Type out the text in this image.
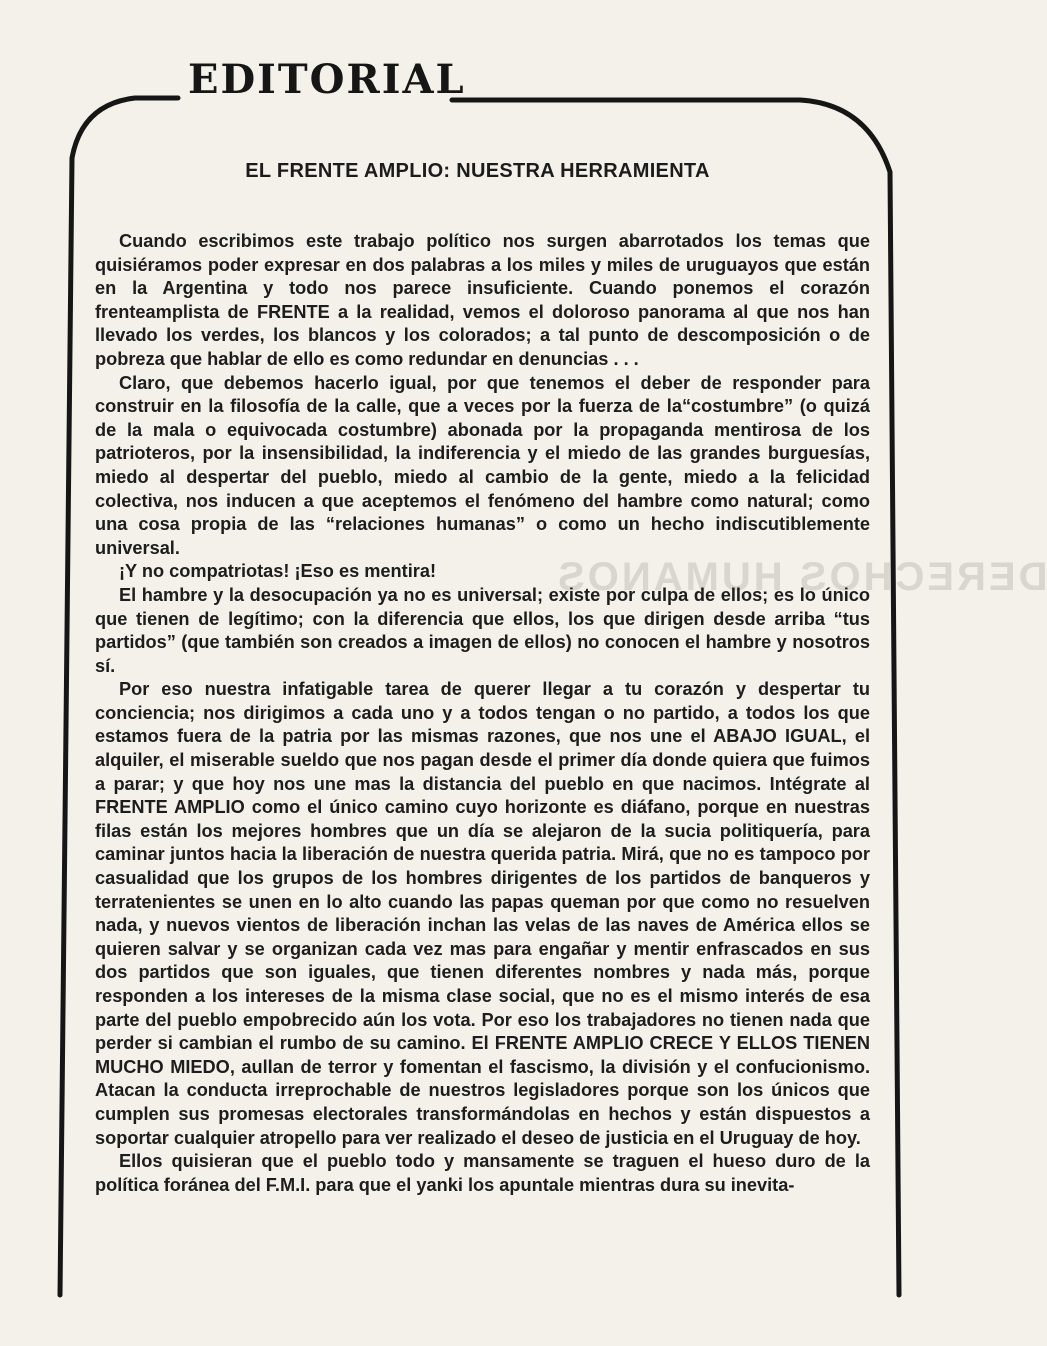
DERECHOS HUMANOS
EDITORIAL
EL FRENTE AMPLIO: NUESTRA HERRAMIENTA

Cuando escribimos este trabajo político nos surgen abarrotados los temas que quisiéramos poder expresar en dos palabras a los miles y miles de uruguayos que están en la Argentina y todo nos parece insuficiente. Cuando ponemos el corazón frenteamplista de FRENTE a la realidad, vemos el doloroso panorama al que nos han llevado los verdes, los blancos y los colorados; a tal punto de descomposición o de pobreza que hablar de ello es como redundar en denuncias . . .

Claro, que debemos hacerlo igual, por que tenemos el deber de responder para construir en la filosofía de la calle, que a veces por la fuerza de la“costumbre” (o quizá de la mala o equivocada costumbre) abonada por la propaganda mentirosa de los patrioteros, por la insensibilidad, la indiferencia y el miedo de las grandes burguesías, miedo al despertar del pueblo, miedo al cambio de la gente, miedo a la felicidad colectiva, nos inducen a que aceptemos el fenómeno del hambre como natural; como una cosa propia de las “relaciones humanas” o como un hecho indiscutiblemente universal.

¡Y no compatriotas! ¡Eso es mentira!

El hambre y la desocupación ya no es universal; existe por culpa de ellos; es lo único que tienen de legítimo; con la diferencia que ellos, los que dirigen desde arriba “tus partidos” (que también son creados a imagen de ellos) no conocen el hambre y nosotros sí.

Por eso nuestra infatigable tarea de querer llegar a tu corazón y despertar tu conciencia; nos dirigimos a cada uno y a todos tengan o no partido, a todos los que estamos fuera de la patria por las mismas razones, que nos une el ABAJO IGUAL, el alquiler, el miserable sueldo que nos pagan desde el primer día donde quiera que fuimos a parar; y que hoy nos une mas la distancia del pueblo en que nacimos. Intégrate al FRENTE AMPLIO como el único camino cuyo horizonte es diáfano, porque en nuestras filas están los mejores hombres que un día se alejaron de la sucia politiquería, para caminar juntos hacia la liberación de nuestra querida patria. Mirá, que no es tampoco por casualidad que los grupos de los hombres dirigentes de los partidos de banqueros y terratenientes se unen en lo alto cuando las papas queman por que como no resuelven nada, y nuevos vientos de liberación inchan las velas de las naves de América ellos se quieren salvar y se organizan cada vez mas para engañar y mentir enfrascados en sus dos partidos que son iguales, que tienen diferentes nombres y nada más, porque responden a los intereses de la misma clase social, que no es el mismo interés de esa parte del pueblo empobrecido aún los vota. Por eso los trabajadores no tienen nada que perder si cambian el rumbo de su camino. El FRENTE AMPLIO CRECE Y ELLOS TIENEN MUCHO MIEDO, aullan de terror y fomentan el fascismo, la división y el confucionismo. Atacan la conducta irreprochable de nuestros legisladores porque son los únicos que cumplen sus promesas electorales transformándolas en hechos y están dispuestos a soportar cualquier atropello para ver realizado el deseo de justicia en el Uruguay de hoy.

Ellos quisieran que el pueblo todo y mansamente se traguen el hueso duro de la política foránea del F.M.I. para que el yanki los apuntale mientras dura su inevita-
